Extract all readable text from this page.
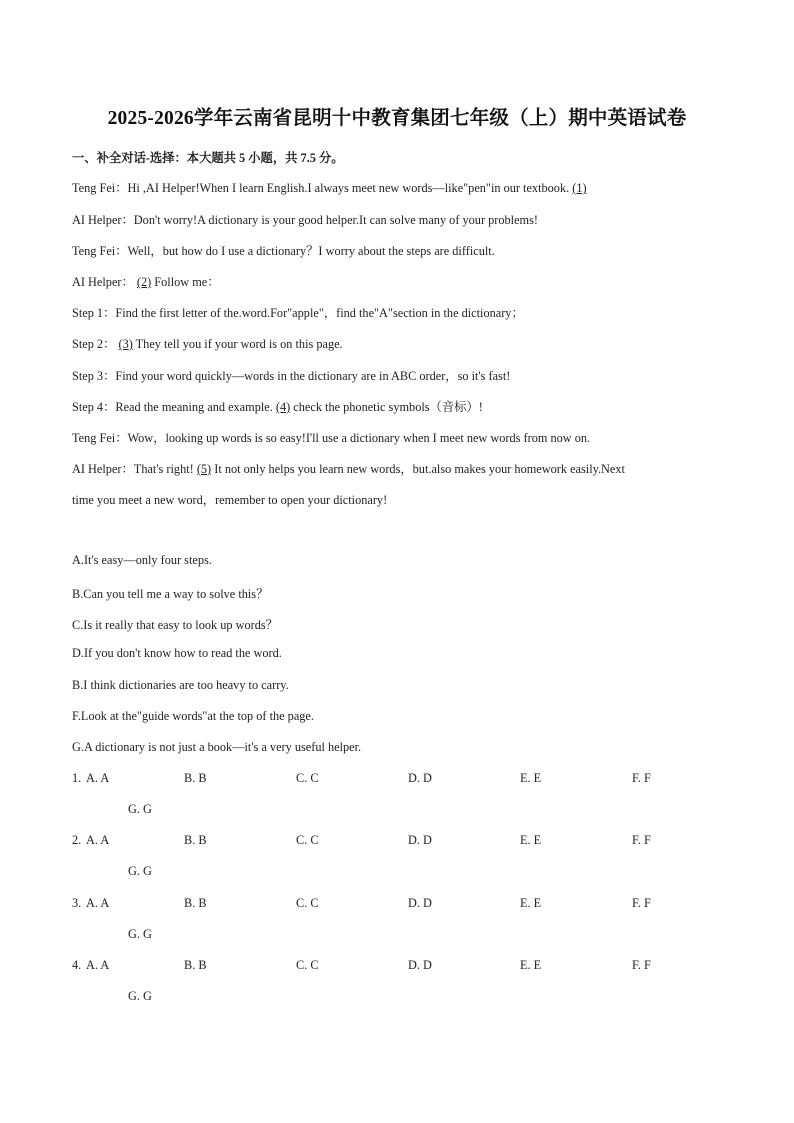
2025-2026学年云南省昆明十中教育集团七年级（上）期中英语试卷
一、补全对话-选择：本大题共 5 小题，共 7.5 分。
Teng Fei：Hi ,AI Helper!When I learn English.I always meet new words—like"pen"in our textbook. (1)
AI Helper：Don't worry!A dictionary is your good helper.It can solve many of your problems!
Teng Fei：Well，but how do I use a dictionary？I worry about the steps are difficult.
AI Helper： (2) Follow me：
Step 1：Find the first letter of the.word.For"apple"，find the"A"section in the dictionary；
Step 2： (3) They tell you if your word is on this page.
Step 3：Find your word quickly—words in the dictionary are in ABC order，so it's fast!
Step 4：Read the meaning and example. (4) check the phonetic symbols（音标）!
Teng Fei：Wow，looking up words is so easy!I'll use a dictionary when I meet new words from now on.
AI Helper：That's right! (5) It not only helps you learn new words，but.also makes your homework easily.Next
time you meet a new word，remember to open your dictionary!
A.It's easy—only four steps.
B.Can you tell me a way to solve this？
C.Is it really that easy to look up words？
D.If you don't know how to read the word.
B.I think dictionaries are too heavy to carry.
F.Look at the"guide words"at the top of the page.
G.A dictionary is not just a book—it's a very useful helper.
1. A. A	B. B	C. C	D. D	E. E	F. F
G. G
2. A. A	B. B	C. C	D. D	E. E	F. F
G. G
3. A. A	B. B	C. C	D. D	E. E	F. F
G. G
4. A. A	B. B	C. C	D. D	E. E	F. F
G. G
